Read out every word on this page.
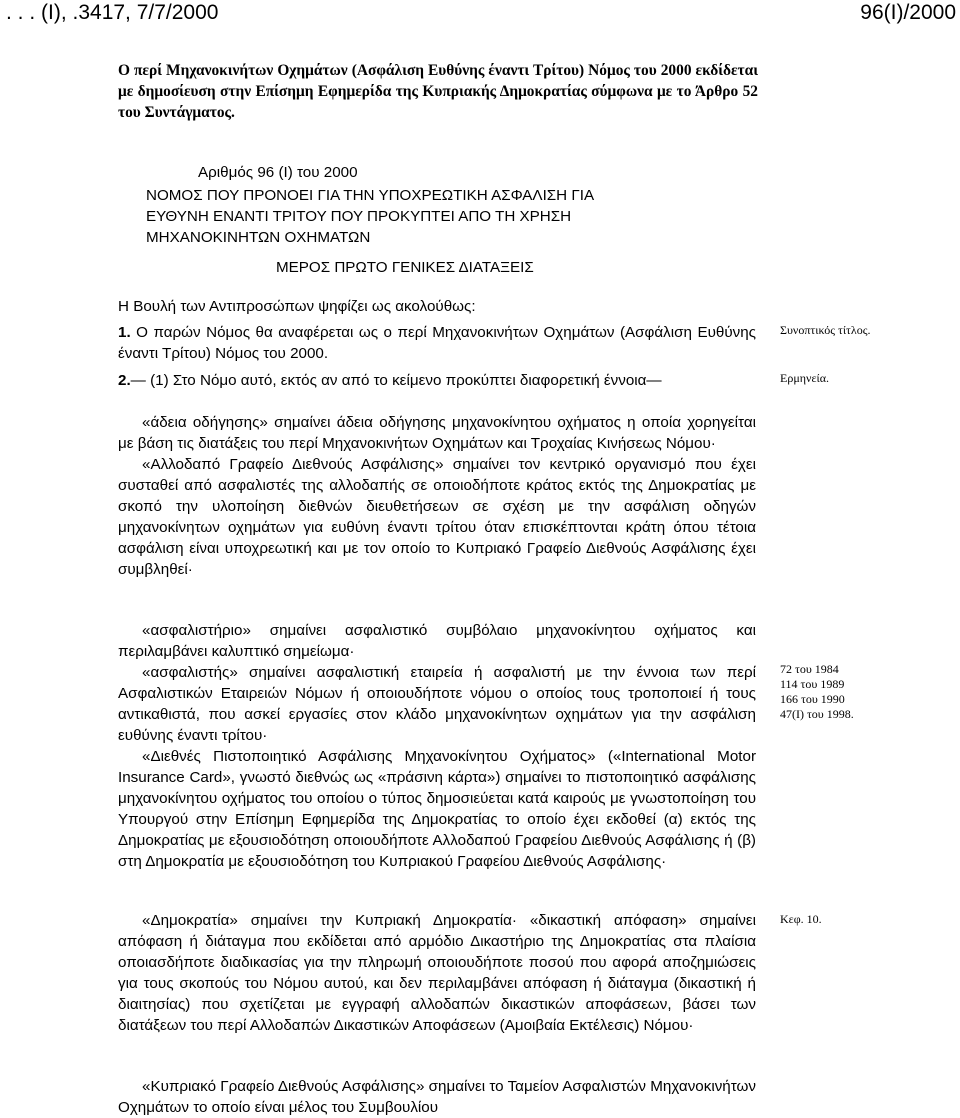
. . . (Ι), .3417, 7/7/2000	96(Ι)/2000
Ο περί Μηχανοκινήτων Οχημάτων (Ασφάλιση Ευθύνης έναντι Τρίτου) Νόμος του 2000 εκδίδεται με δημοσίευση στην Επίσημη Εφημερίδα της Κυπριακής Δημοκρατίας σύμφωνα με το Άρθρο 52 του Συντάγματος.
Αριθμός 96 (Ι) του 2000
ΝΟΜΟΣ ΠΟΥ ΠΡΟΝΟΕΙ ΓΙΑ ΤΗΝ ΥΠΟΧΡΕΩΤΙΚΗ ΑΣΦΑΛΙΣΗ ΓΙΑ
ΕΥΘΥΝΗ ΕΝΑΝΤΙ ΤΡΙΤΟΥ ΠΟΥ ΠΡΟΚΥΠΤΕΙ ΑΠΟ ΤΗ ΧΡΗΣΗ
ΜΗΧΑΝΟΚΙΝΗΤΩΝ ΟΧΗΜΑΤΩΝ
ΜΕΡΟΣ ΠΡΩΤΟ ΓΕΝΙΚΕΣ ΔΙΑΤΑΞΕΙΣ
Η Βουλή των Αντιπροσώπων ψηφίζει ως ακολούθως:

1. Ο παρών Νόμος θα αναφέρεται ως ο περί Μηχανοκινήτων Οχημάτων (Ασφάλιση Ευθύνης έναντι Τρίτου) Νόμος του 2000.

2.— (1) Στο Νόμο αυτό, εκτός αν από το κείμενο προκύπτει διαφορετική έννοια—

«άδεια οδήγησης» σημαίνει άδεια οδήγησης μηχανοκίνητου οχήματος η οποία χορηγείται με βάση τις διατάξεις του περί Μηχανοκινήτων Οχημάτων και Τροχαίας Κινήσεως Νόμου·

«Αλλοδαπό Γραφείο Διεθνούς Ασφάλισης» σημαίνει τον κεντρικό οργανισμό που έχει συσταθεί από ασφαλιστές της αλλοδαπής σε οποιοδήποτε κράτος εκτός της Δημοκρατίας με σκοπό την υλοποίηση διεθνών διευθετήσεων σε σχέση με την ασφάλιση οδηγών μηχανοκίνητων οχημάτων για ευθύνη έναντι τρίτου όταν επισκέπτονται κράτη όπου τέτοια ασφάλιση είναι υποχρεωτική και με τον οποίο το Κυπριακό Γραφείο Διεθνούς Ασφάλισης έχει συμβληθεί·

«ασφαλιστήριο» σημαίνει ασφαλιστικό συμβόλαιο μηχανοκίνητου οχήματος και περιλαμβάνει καλυπτικό σημείωμα·

«ασφαλιστής» σημαίνει ασφαλιστική εταιρεία ή ασφαλιστή με την έννοια των περί Ασφαλιστικών Εταιρειών Νόμων ή οποιουδήποτε νόμου ο οποίος τους τροποποιεί ή τους αντικαθιστά, που ασκεί εργασίες στον κλάδο μηχανοκίνητων οχημάτων για την ασφάλιση ευθύνης έναντι τρίτου·

«Διεθνές Πιστοποιητικό Ασφάλισης Μηχανοκίνητου Οχήματος» («International Motor Insurance Card», γνωστό διεθνώς ως «πράσινη κάρτα») σημαίνει το πιστοποιητικό ασφάλισης μηχανοκίνητου οχήματος του οποίου ο τύπος δημοσιεύεται κατά καιρούς με γνωστοποίηση του Υπουργού στην Επίσημη Εφημερίδα της Δημοκρατίας το οποίο έχει εκδοθεί (α) εκτός της Δημοκρατίας με εξουσιοδότηση οποιουδήποτε Αλλοδαπού Γραφείου Διεθνούς Ασφάλισης ή (β) στη Δημοκρατία με εξουσιοδότηση του Κυπριακού Γραφείου Διεθνούς Ασφάλισης·

«Δημοκρατία» σημαίνει την Κυπριακή Δημοκρατία· «δικαστική απόφαση» σημαίνει απόφαση ή διάταγμα που εκδίδεται από αρμόδιο Δικαστήριο της Δημοκρατίας στα πλαίσια οποιασδήποτε διαδικασίας για την πληρωμή οποιουδήποτε ποσού που αφορά αποζημιώσεις για τους σκοπούς του Νόμου αυτού, και δεν περιλαμβάνει απόφαση ή διάταγμα (δικαστική ή διαιτησίας) που σχετίζεται με εγγραφή αλλοδαπών δικαστικών αποφάσεων, βάσει των διατάξεων του περί Αλλοδαπών Δικαστικών Αποφάσεων (Αμοιβαία Εκτέλεσις) Νόμου·

«Κυπριακό Γραφείο Διεθνούς Ασφάλισης» σημαίνει το Ταμείον Ασφαλιστών Μηχανοκινήτων Οχημάτων το οποίο είναι μέλος του Συμβουλίου

Συνοπτικός τίτλος.
Ερμηνεία.
72 του 1984
114 του 1989
166 του 1990
47(Ι) του 1998.
Κεφ. 10.
